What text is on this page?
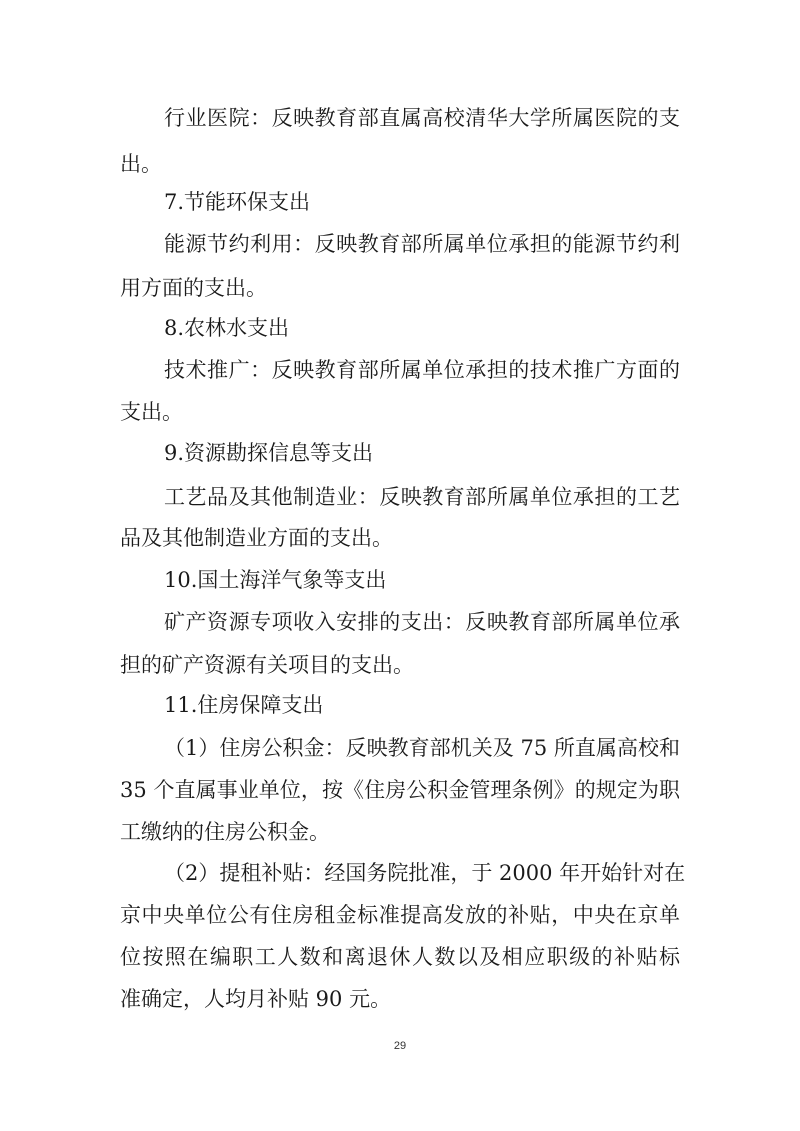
行业医院：反映教育部直属高校清华大学所属医院的支
出。
7.节能环保支出
能源节约利用：反映教育部所属单位承担的能源节约利
用方面的支出。
8.农林水支出
技术推广：反映教育部所属单位承担的技术推广方面的
支出。
9.资源勘探信息等支出
工艺品及其他制造业：反映教育部所属单位承担的工艺
品及其他制造业方面的支出。
10.国土海洋气象等支出
矿产资源专项收入安排的支出：反映教育部所属单位承
担的矿产资源有关项目的支出。
11.住房保障支出
（1）住房公积金：反映教育部机关及 75 所直属高校和
35 个直属事业单位，按《住房公积金管理条例》的规定为职
工缴纳的住房公积金。
（2）提租补贴：经国务院批准，于 2000 年开始针对在
京中央单位公有住房租金标准提高发放的补贴，中央在京单
位按照在编职工人数和离退休人数以及相应职级的补贴标
准确定，人均月补贴 90 元。
29
